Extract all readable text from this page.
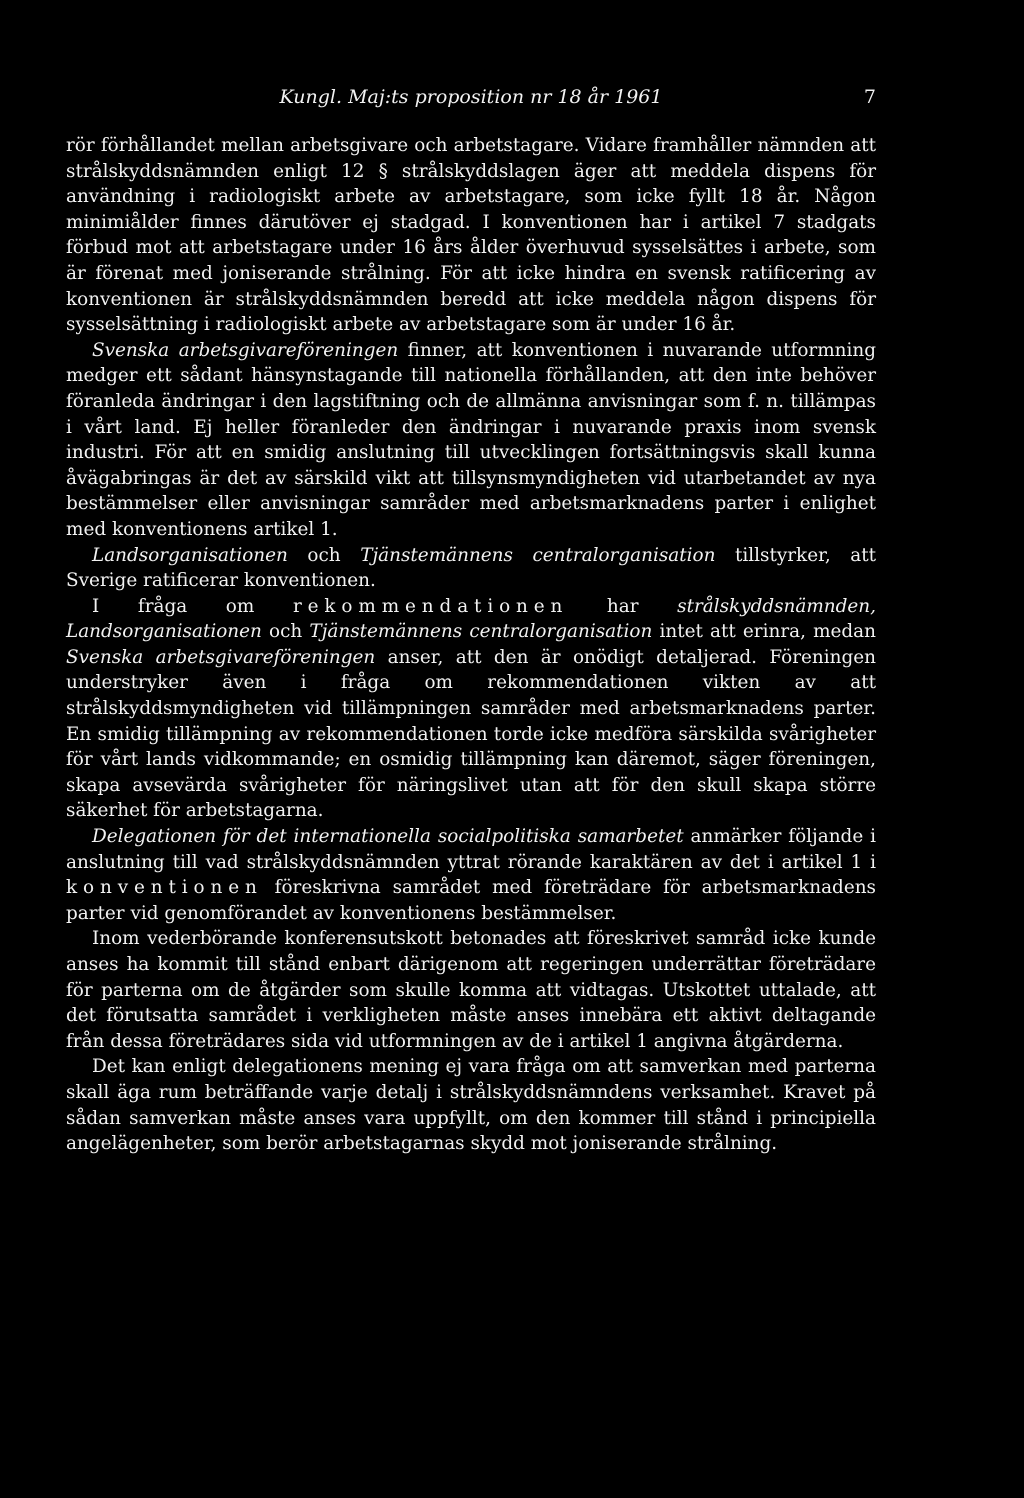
Kungl. Maj:ts proposition nr 18 år 1961	7

rör förhållandet mellan arbetsgivare och arbetstagare. Vidare framhåller nämnden att strålskyddsnämnden enligt 12 § strålskyddslagen äger att meddela dispens för användning i radiologiskt arbete av arbetstagare, som icke fyllt 18 år. Någon minimiålder finnes därutöver ej stadgad. I konventionen har i artikel 7 stadgats förbud mot att arbetstagare under 16 års ålder överhuvud sysselsättes i arbete, som är förenat med joniserande strålning. För att icke hindra en svensk ratificering av konventionen är strålskyddsnämnden beredd att icke meddela någon dispens för sysselsättning i radiologiskt arbete av arbetstagare som är under 16 år.

Svenska arbetsgivareföreningen finner, att konventionen i nuvarande utformning medger ett sådant hänsynstagande till nationella förhållanden, att den inte behöver föranleda ändringar i den lagstiftning och de allmänna anvisningar som f. n. tillämpas i vårt land. Ej heller föranleder den ändringar i nuvarande praxis inom svensk industri. För att en smidig anslutning till utvecklingen fortsättningsvis skall kunna åvägabringas är det av särskild vikt att tillsynsmyndigheten vid utarbetandet av nya bestämmelser eller anvisningar samråder med arbetsmarknadens parter i enlighet med konventionens artikel 1.

Landsorganisationen och Tjänstemännens centralorganisation tillstyrker, att Sverige ratificerar konventionen.

I fråga om rekommendationen har strålskyddsnämnden, Landsorganisationen och Tjänstemännens centralorganisation intet att erinra, medan Svenska arbetsgivareföreningen anser, att den är onödigt detaljerad. Föreningen understryker även i fråga om rekommendationen vikten av att strålskyddsmyndigheten vid tillämpningen samråder med arbetsmarknadens parter. En smidig tillämpning av rekommendationen torde icke medföra särskilda svårigheter för vårt lands vidkommande; en osmidig tillämpning kan däremot, säger föreningen, skapa avsevärda svårigheter för näringslivet utan att för den skull skapa större säkerhet för arbetstagarna.

Delegationen för det internationella socialpolitiska samarbetet anmärker följande i anslutning till vad strålskyddsnämnden yttrat rörande karaktären av det i artikel 1 i konventionen föreskrivna samrådet med företrädare för arbetsmarknadens parter vid genomförandet av konventionens bestämmelser.

Inom vederbörande konferensutskott betonades att föreskrivet samråd icke kunde anses ha kommit till stånd enbart därigenom att regeringen underrättar företrädare för parterna om de åtgärder som skulle komma att vidtagas. Utskottet uttalade, att det förutsatta samrådet i verkligheten måste anses innebära ett aktivt deltagande från dessa företrädares sida vid utformningen av de i artikel 1 angivna åtgärderna.

Det kan enligt delegationens mening ej vara fråga om att samverkan med parterna skall äga rum beträffande varje detalj i strålskyddsnämndens verksamhet. Kravet på sådan samverkan måste anses vara uppfyllt, om den kommer till stånd i principiella angelägenheter, som berör arbetstagarnas skydd mot joniserande strålning.
